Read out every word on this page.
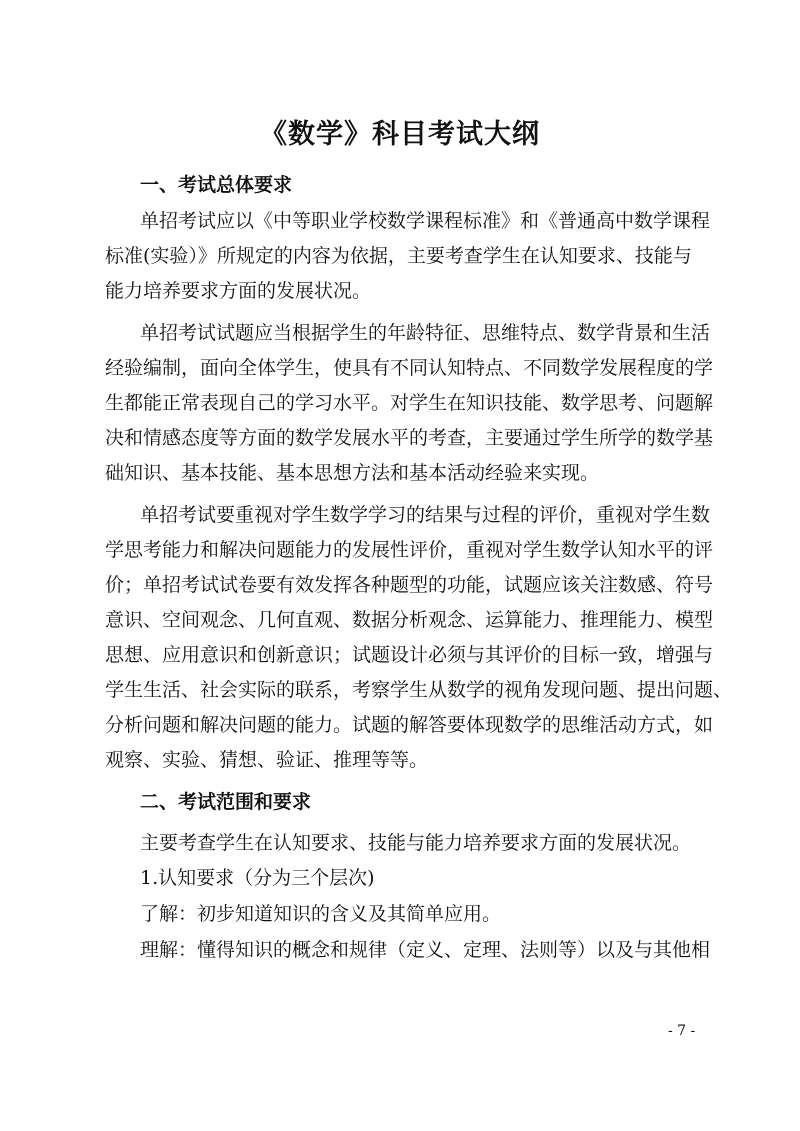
《数学》科目考试大纲
一、考试总体要求
单招考试应以《中等职业学校数学课程标准》和《普通高中数学课程
标准(实验）》所规定的内容为依据，主要考查学生在认知要求、技能与
能力培养要求方面的发展状况。
单招考试试题应当根据学生的年龄特征、思维特点、数学背景和生活
经验编制，面向全体学生，使具有不同认知特点、不同数学发展程度的学
生都能正常表现自己的学习水平。对学生在知识技能、数学思考、问题解
决和情感态度等方面的数学发展水平的考查，主要通过学生所学的数学基
础知识、基本技能、基本思想方法和基本活动经验来实现。
单招考试要重视对学生数学学习的结果与过程的评价，重视对学生数
学思考能力和解决问题能力的发展性评价，重视对学生数学认知水平的评
价；单招考试试卷要有效发挥各种题型的功能，试题应该关注数感、符号
意识、空间观念、几何直观、数据分析观念、运算能力、推理能力、模型
思想、应用意识和创新意识；试题设计必须与其评价的目标一致，增强与
学生生活、社会实际的联系，考察学生从数学的视角发现问题、提出问题、
分析问题和解决问题的能力。试题的解答要体现数学的思维活动方式，如
观察、实验、猜想、验证、推理等等。
二、考试范围和要求
主要考查学生在认知要求、技能与能力培养要求方面的发展状况。
1.认知要求（分为三个层次)
了解：初步知道知识的含义及其简单应用。
理解：懂得知识的概念和规律（定义、定理、法则等）以及与其他相
- 7 -
